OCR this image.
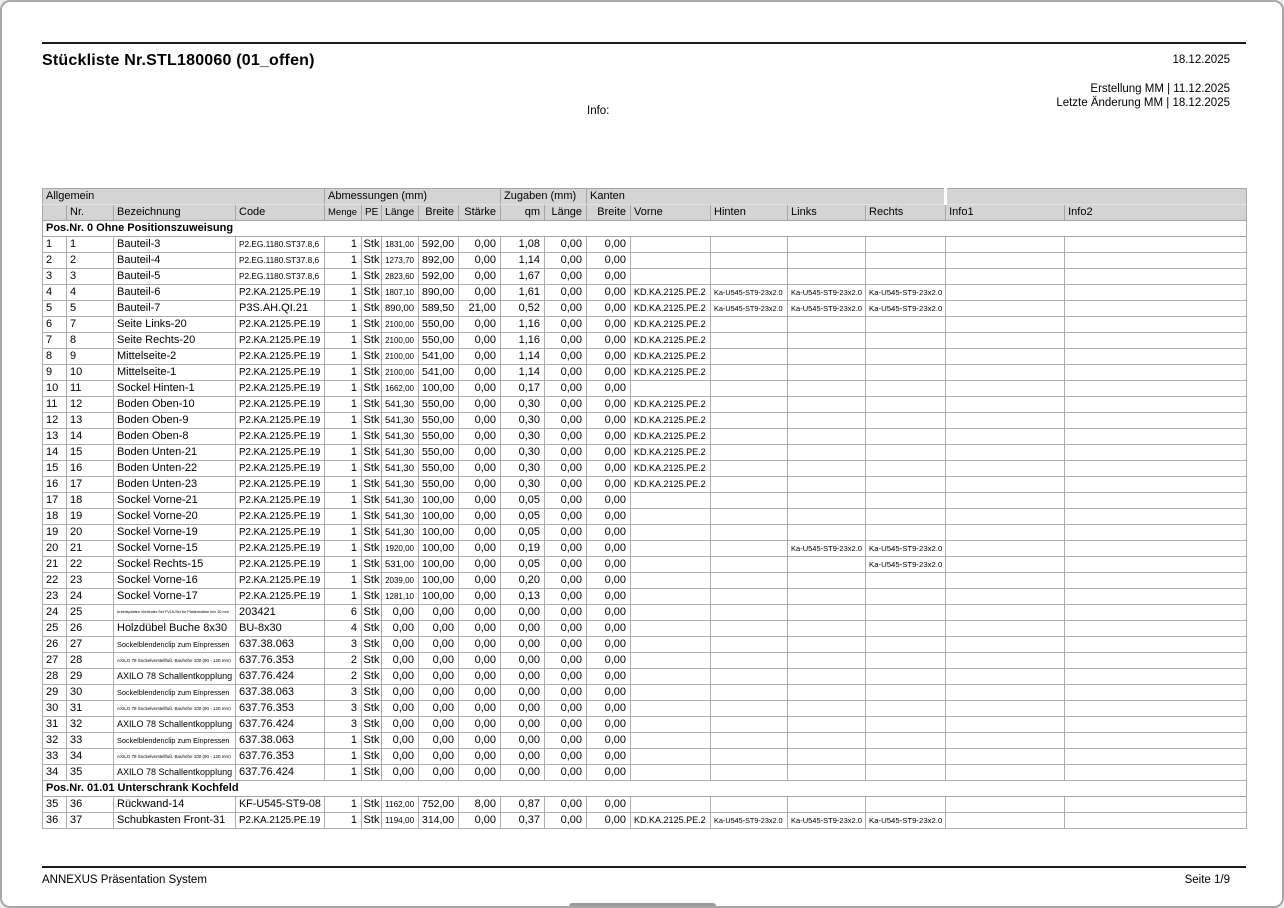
Stückliste Nr.STL180060 (01_offen)	18.12.2025
Erstellung MM | 11.12.2025
Letzte Änderung MM | 18.12.2025
Info:
Allgemein				Abmessungen (mm)					Zugaben (mm)		Kanten						

	Nr.	Bezeichnung	Code	Menge	PE	Länge	Breite	Stärke	qm	Länge	Breite	Vorne	Hinten	Links	Rechts	Info1	Info2

Pos.Nr. 0 Ohne Positionszuweisung																	

1	1	Bauteil-3	P2.EG.1180.ST37.8,6	1	Stk	1831,00	592,00	0,00	1,08	0,00	0,00						

2	2	Bauteil-4	P2.EG.1180.ST37.8,6	1	Stk	1273,70	892,00	0,00	1,14	0,00	0,00						

3	3	Bauteil-5	P2.EG.1180.ST37.8,6	1	Stk	2823,60	592,00	0,00	1,67	0,00	0,00						

4	4	Bauteil-6	P2.KA.2125.PE.19	1	Stk	1807,10	890,00	0,00	1,61	0,00	0,00	KD.KA.2125.PE.2	Ka-U545-ST9-23x2.0	Ka-U545-ST9-23x2.0	Ka-U545-ST9-23x2.0		

5	5	Bauteil-7	P3S.AH.QI.21	1	Stk	890,00	589,50	21,00	0,52	0,00	0,00	KD.KA.2125.PE.2	Ka-U545-ST9-23x2.0	Ka-U545-ST9-23x2.0	Ka-U545-ST9-23x2.0		

6	7	Seite Links-20	P2.KA.2125.PE.19	1	Stk	2100,00	550,00	0,00	1,16	0,00	0,00	KD.KA.2125.PE.2					

7	8	Seite Rechts-20	P2.KA.2125.PE.19	1	Stk	2100,00	550,00	0,00	1,16	0,00	0,00	KD.KA.2125.PE.2					

8	9	Mittelseite-2	P2.KA.2125.PE.19	1	Stk	2100,00	541,00	0,00	1,14	0,00	0,00	KD.KA.2125.PE.2					

9	10	Mittelseite-1	P2.KA.2125.PE.19	1	Stk	2100,00	541,00	0,00	1,14	0,00	0,00	KD.KA.2125.PE.2					

10	11	Sockel Hinten-1	P2.KA.2125.PE.19	1	Stk	1662,00	100,00	0,00	0,17	0,00	0,00						

11	12	Boden Oben-10	P2.KA.2125.PE.19	1	Stk	541,30	550,00	0,00	0,30	0,00	0,00	KD.KA.2125.PE.2					

12	13	Boden Oben-9	P2.KA.2125.PE.19	1	Stk	541,30	550,00	0,00	0,30	0,00	0,00	KD.KA.2125.PE.2					

13	14	Boden Oben-8	P2.KA.2125.PE.19	1	Stk	541,30	550,00	0,00	0,30	0,00	0,00	KD.KA.2125.PE.2					

14	15	Boden Unten-21	P2.KA.2125.PE.19	1	Stk	541,30	550,00	0,00	0,30	0,00	0,00	KD.KA.2125.PE.2					

15	16	Boden Unten-22	P2.KA.2125.PE.19	1	Stk	541,30	550,00	0,00	0,30	0,00	0,00	KD.KA.2125.PE.2					

16	17	Boden Unten-23	P2.KA.2125.PE.19	1	Stk	541,30	550,00	0,00	0,30	0,00	0,00	KD.KA.2125.PE.2					

17	18	Sockel Vorne-21	P2.KA.2125.PE.19	1	Stk	541,30	100,00	0,00	0,05	0,00	0,00						

18	19	Sockel Vorne-20	P2.KA.2125.PE.19	1	Stk	541,30	100,00	0,00	0,05	0,00	0,00						

19	20	Sockel Vorne-19	P2.KA.2125.PE.19	1	Stk	541,30	100,00	0,00	0,05	0,00	0,00						

20	21	Sockel Vorne-15	P2.KA.2125.PE.19	1	Stk	1920,00	100,00	0,00	0,19	0,00	0,00			Ka-U545-ST9-23x2.0	Ka-U545-ST9-23x2.0		

21	22	Sockel Rechts-15	P2.KA.2125.PE.19	1	Stk	531,00	100,00	0,00	0,05	0,00	0,00				Ka-U545-ST9-23x2.0		

22	23	Sockel Vorne-16	P2.KA.2125.PE.19	1	Stk	2039,00	100,00	0,00	0,20	0,00	0,00						

23	24	Sockel Vorne-17	P2.KA.2125.PE.19	1	Stk	1281,10	100,00	0,00	0,13	0,00	0,00						

24	25	Arbeitsplatten Verbinder-Set FV16-Set für Plattenstärke min 30 mm	203421	6	Stk	0,00	0,00	0,00	0,00	0,00	0,00						

25	26	Holzdübel Buche 8x30	BU-8x30	4	Stk	0,00	0,00	0,00	0,00	0,00	0,00						

26	27	Sockelblendenclip zum Einpressen	637.38.063	3	Stk	0,00	0,00	0,00	0,00	0,00	0,00						

27	28	AXILO 78 Sockelverstellfuß, Bauhöhe 100 (90 - 120 mm)	637.76.353	2	Stk	0,00	0,00	0,00	0,00	0,00	0,00						

28	29	AXILO 78 Schallentkopplung	637.76.424	2	Stk	0,00	0,00	0,00	0,00	0,00	0,00						

29	30	Sockelblendenclip zum Einpressen	637.38.063	3	Stk	0,00	0,00	0,00	0,00	0,00	0,00						

30	31	AXILO 78 Sockelverstellfuß, Bauhöhe 100 (90 - 120 mm)	637.76.353	3	Stk	0,00	0,00	0,00	0,00	0,00	0,00						

31	32	AXILO 78 Schallentkopplung	637.76.424	3	Stk	0,00	0,00	0,00	0,00	0,00	0,00						

32	33	Sockelblendenclip zum Einpressen	637.38.063	1	Stk	0,00	0,00	0,00	0,00	0,00	0,00						

33	34	AXILO 78 Sockelverstellfuß, Bauhöhe 100 (90 - 120 mm)	637.76.353	1	Stk	0,00	0,00	0,00	0,00	0,00	0,00						

34	35	AXILO 78 Schallentkopplung	637.76.424	1	Stk	0,00	0,00	0,00	0,00	0,00	0,00						

Pos.Nr. 01.01 Unterschrank Kochfeld																	

35	36	Rückwand-14	KF-U545-ST9-08	1	Stk	1162,00	752,00	8,00	0,87	0,00	0,00						

36	37	Schubkasten Front-31	P2.KA.2125.PE.19	1	Stk	1194,00	314,00	0,00	0,37	0,00	0,00	KD.KA.2125.PE.2	Ka-U545-ST9-23x2.0	Ka-U545-ST9-23x2.0	Ka-U545-ST9-23x2.0		

ANNEXUS Präsentation System	Seite 1/9
